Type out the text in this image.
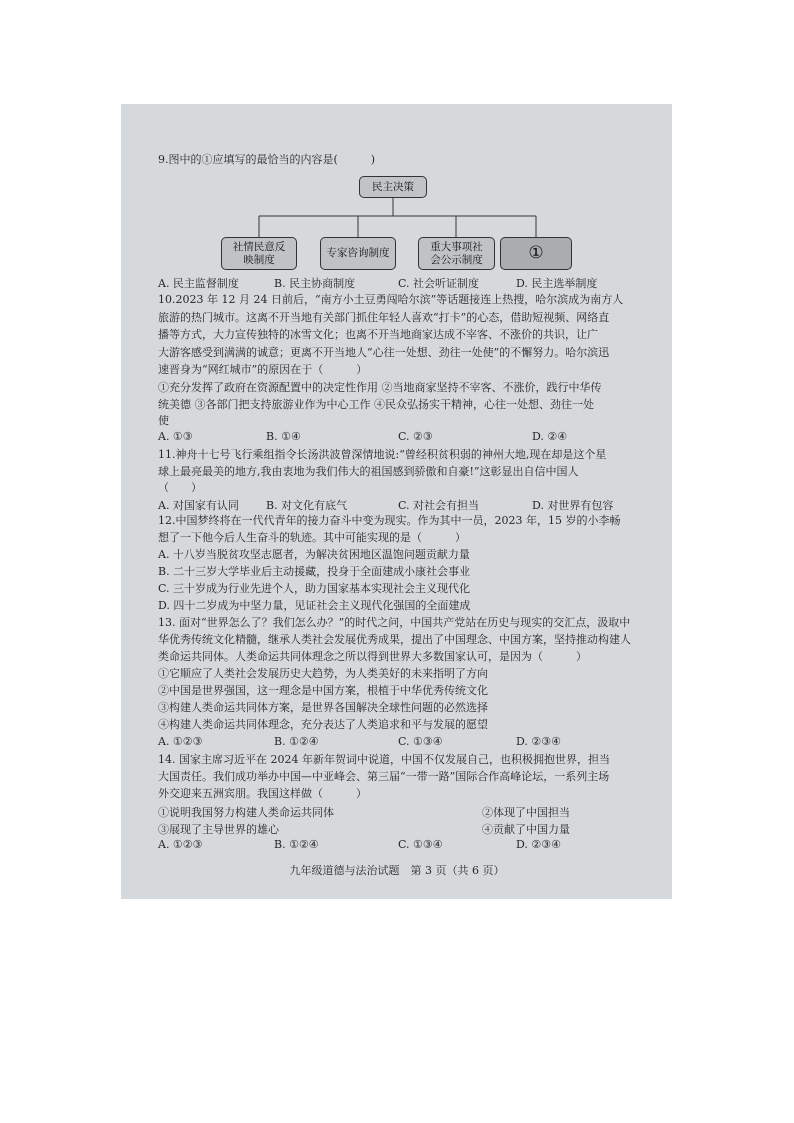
9.图中的①应填写的最恰当的内容是(　　　)
民主决策
社情民意反映制度
专家咨询制度
重大事项社会公示制度	①
A. 民主监督制度	B. 民主协商制度	C. 社会听证制度	D. 民主选举制度
10.2023 年 12 月 24 日前后，“南方小土豆勇闯哈尔滨”等话题接连上热搜，哈尔滨成为南方人
旅游的热门城市。这离不开当地有关部门抓住年轻人喜欢“打卡”的心态，借助短视频、网络直
播等方式，大力宣传独特的冰雪文化；也离不开当地商家达成不宰客、不涨价的共识，让广
大游客感受到满满的诚意；更离不开当地人“心往一处想、劲往一处使”的不懈努力。哈尔滨迅
速晋身为“网红城市”的原因在于（　　　）
①充分发挥了政府在资源配置中的决定性作用 ②当地商家坚持不宰客、不涨价，践行中华传
统美德 ③各部门把支持旅游业作为中心工作 ④民众弘扬实干精神，心往一处想、劲往一处
使
A. ①③	B. ①④	C. ②③	D. ②④
11.神舟十七号飞行乘组指令长汤洪波曾深情地说:“曾经积贫积弱的神州大地,现在却是这个星
球上最亮最美的地方,我由衷地为我们伟大的祖国感到骄傲和自豪!”这彰显出自信中国人
（　　）
A. 对国家有认同 B. 对文化有底气	C. 对社会有担当	D. 对世界有包容
12.中国梦终将在一代代青年的接力奋斗中变为现实。作为其中一员，2023 年，15 岁的小李畅
想了一下他今后人生奋斗的轨迹。其中可能实现的是（　　　）
A. 十八岁当脱贫攻坚志愿者，为解决贫困地区温饱问题贡献力量
B. 二十三岁大学毕业后主动援藏，投身于全面建成小康社会事业
C. 三十岁成为行业先进个人，助力国家基本实现社会主义现代化
D. 四十二岁成为中坚力量，见证社会主义现代化强国的全面建成
13. 面对“世界怎么了？我们怎么办？”的时代之问，中国共产党站在历史与现实的交汇点，汲取中
华优秀传统文化精髓，继承人类社会发展优秀成果，提出了中国理念、中国方案，坚持推动构建人
类命运共同体。人类命运共同体理念之所以得到世界大多数国家认可，是因为（　　　）
①它顺应了人类社会发展历史大趋势，为人类美好的未来指明了方向
②中国是世界强国，这一理念是中国方案，根植于中华优秀传统文化
③构建人类命运共同体方案，是世界各国解决全球性问题的必然选择
④构建人类命运共同体理念，充分表达了人类追求和平与发展的愿望
A. ①②③	B. ①②④	C. ①③④	D. ②③④
14. 国家主席习近平在 2024 年新年贺词中说道，中国不仅发展自己，也积极拥抱世界，担当
大国责任。我们成功举办中国—中亚峰会、第三届“一带一路”国际合作高峰论坛，一系列主场
外交迎来五洲宾朋。我国这样做（　　　）
①说明我国努力构建人类命运共同体	②体现了中国担当
③展现了主导世界的雄心	④贡献了中国力量
A. ①②③	B. ①②④	C. ①③④	D. ②③④
九年级道德与法治试题　第 3 页（共 6 页）
